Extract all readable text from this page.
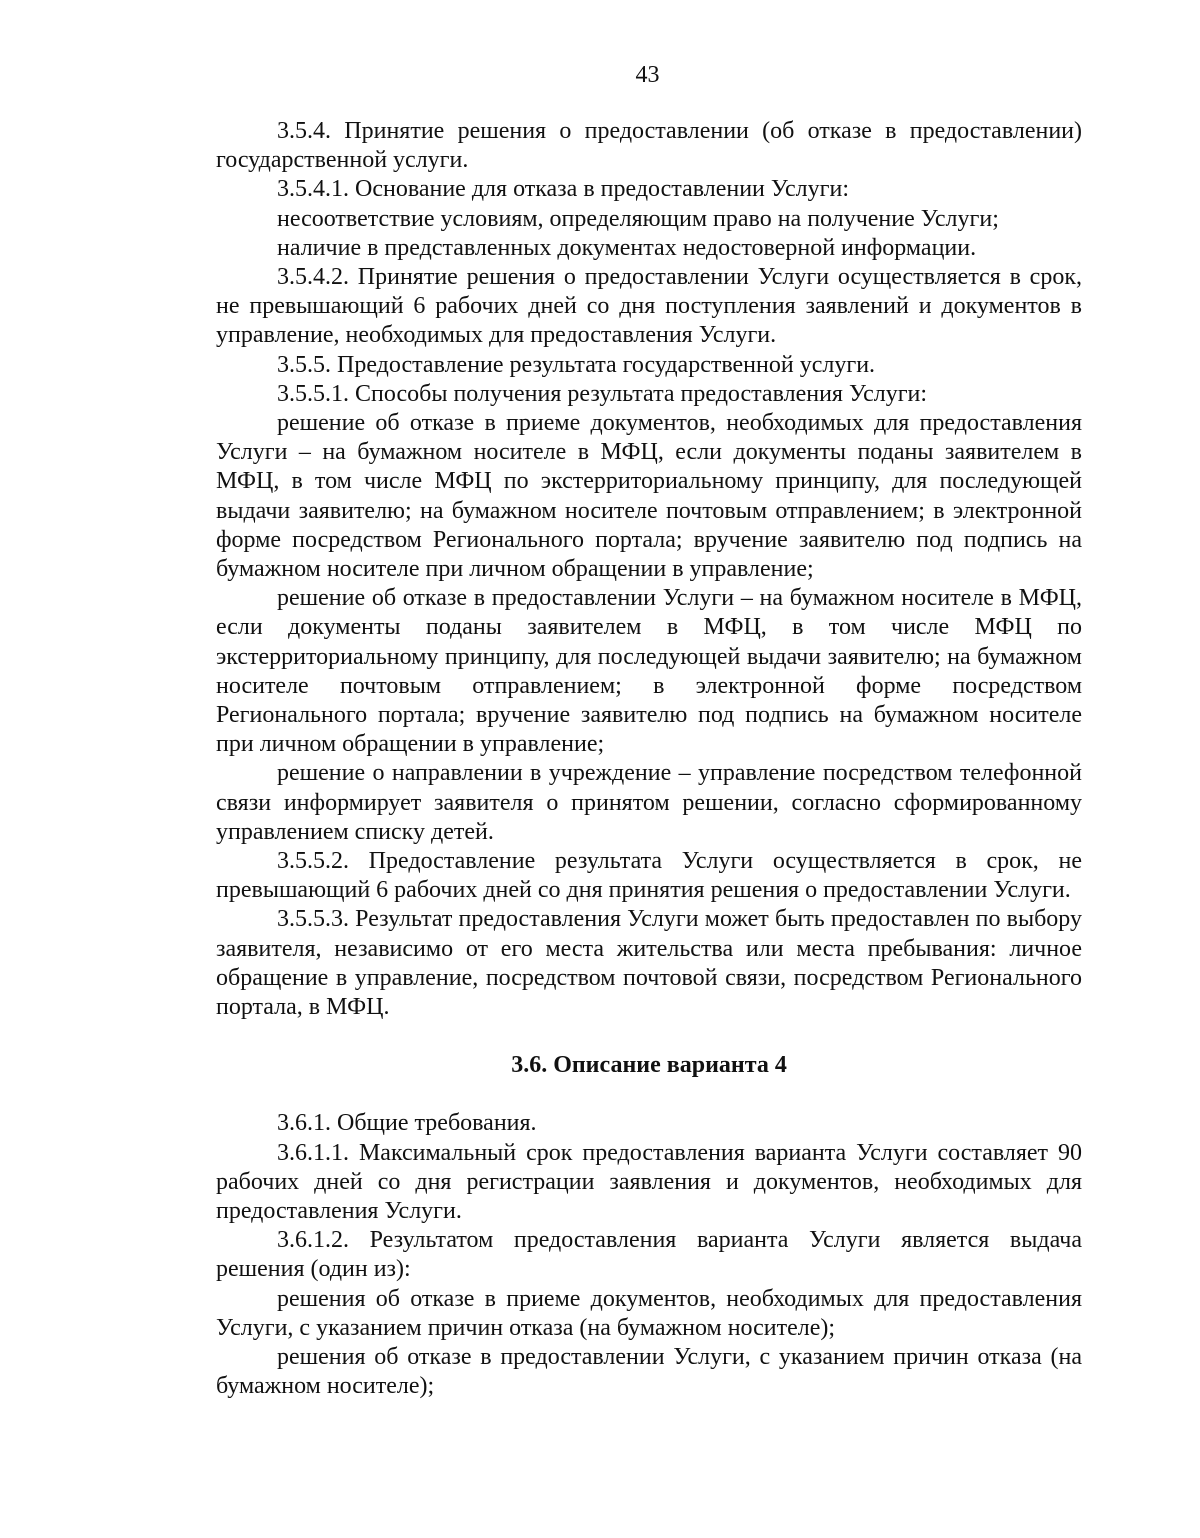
43

3.5.4. Принятие решения о предоставлении (об отказе в предоставлении) государственной услуги.

3.5.4.1. Основание для отказа в предоставлении Услуги:

несоответствие условиям, определяющим право на получение Услуги;

наличие в представленных документах недостоверной информации.

3.5.4.2. Принятие решения о предоставлении Услуги осуществляется в срок, не превышающий 6 рабочих дней со дня поступления заявлений и документов в управление, необходимых для предоставления Услуги.

3.5.5. Предоставление результата государственной услуги.

3.5.5.1. Способы получения результата предоставления Услуги:

решение об отказе в приеме документов, необходимых для предоставления Услуги – на бумажном носителе в МФЦ, если документы поданы заявителем в МФЦ, в том числе МФЦ по экстерриториальному принципу, для последующей выдачи заявителю; на бумажном носителе почтовым отправлением; в электронной форме посредством Регионального портала; вручение заявителю под подпись на бумажном носителе при личном обращении в управление;

решение об отказе в предоставлении Услуги – на бумажном носителе в МФЦ, если документы поданы заявителем в МФЦ, в том числе МФЦ по экстерриториальному принципу, для последующей выдачи заявителю; на бумажном носителе почтовым отправлением; в электронной форме посредством Регионального портала; вручение заявителю под подпись на бумажном носителе при личном обращении в управление;

решение о направлении в учреждение – управление посредством телефонной связи информирует заявителя о принятом решении, согласно сформированному управлением списку детей.

3.5.5.2. Предоставление результата Услуги осуществляется в срок, не превышающий 6 рабочих дней со дня принятия решения о предоставлении Услуги.

3.5.5.3. Результат предоставления Услуги может быть предоставлен по выбору заявителя, независимо от его места жительства или места пребывания: личное обращение в управление, посредством почтовой связи, посредством Регионального портала, в МФЦ.

3.6. Описание варианта 4

3.6.1. Общие требования.

3.6.1.1. Максимальный срок предоставления варианта Услуги составляет 90 рабочих дней со дня регистрации заявления и документов, необходимых для предоставления Услуги.

3.6.1.2. Результатом предоставления варианта Услуги является выдача решения (один из):

решения об отказе в приеме документов, необходимых для предоставления Услуги, с указанием причин отказа (на бумажном носителе);

решения об отказе в предоставлении Услуги, с указанием причин отказа (на бумажном носителе);
